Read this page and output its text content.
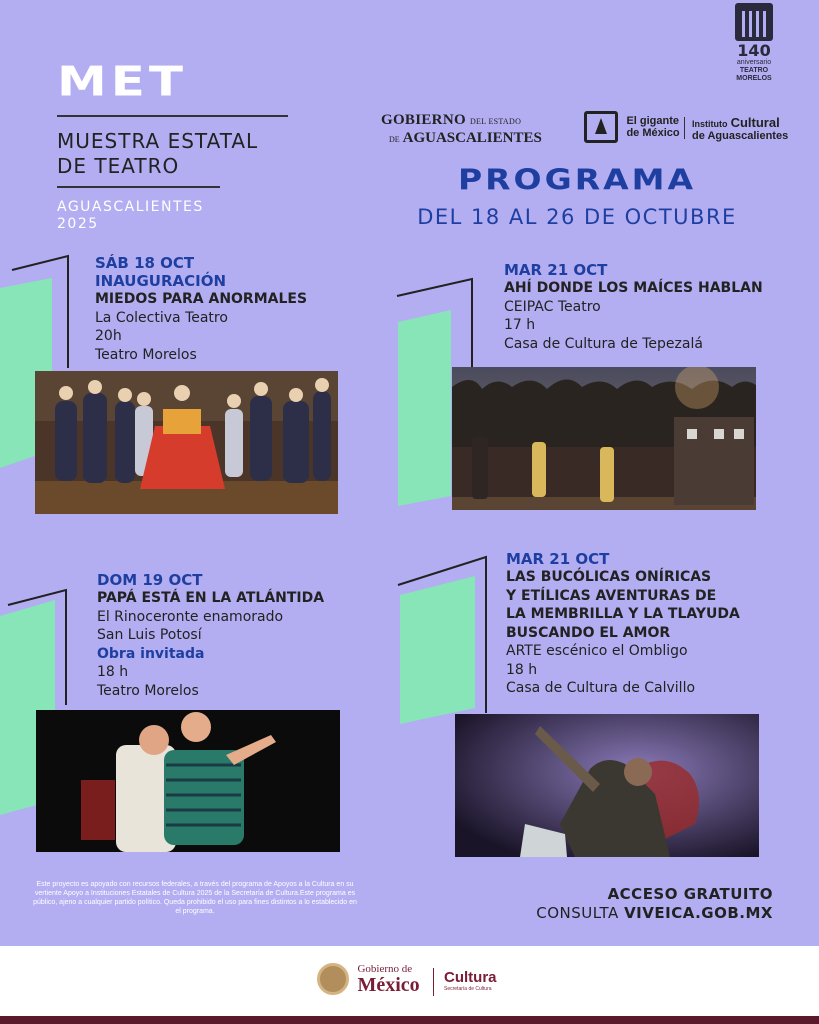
MET
MUESTRA ESTATAL
DE TEATRO
AGUASCALIENTES
2025
140
aniversario
TEATRO
MORELOS
GOBIERNO DEL ESTADO
DE AGUASCALIENTES

El gigante
de México
Instituto Cultural
de Aguascalientes
PROGRAMA
DEL 18 AL 26 DE OCTUBRE
SÁB 18 OCT
INAUGURACIÓN
MIEDOS PARA ANORMALES
La Colectiva Teatro
20h
Teatro Morelos
MAR 21 OCT
AHÍ DONDE LOS MAÍCES HABLAN
CEIPAC Teatro
17 h
Casa de Cultura de Tepezalá
DOM 19 OCT
PAPÁ ESTÁ EN LA ATLÁNTIDA
El Rinoceronte enamorado
San Luis Potosí
Obra invitada
18 h
Teatro Morelos
MAR 21 OCT
LAS BUCÓLICAS ONÍRICAS
Y ETÍLICAS AVENTURAS DE
LA MEMBRILLA Y LA TLAYUDA
BUSCANDO EL AMOR
ARTE escénico el Ombligo
18 h
Casa de Cultura de Calvillo
Este proyecto es apoyado con recursos federales, a través del programa de Apoyos a la Cultura en su vertiente Apoyo a Instituciones Estatales de Cultura 2025 de la Secretaría de Cultura.Este programa es público, ajeno a cualquier partido político. Queda prohibido el uso para fines distintos a lo establecido en el programa.
ACCESO GRATUITO
CONSULTA VIVEICA.GOB.MX

Gobierno de
México Cultura
Secretaría de Cultura
